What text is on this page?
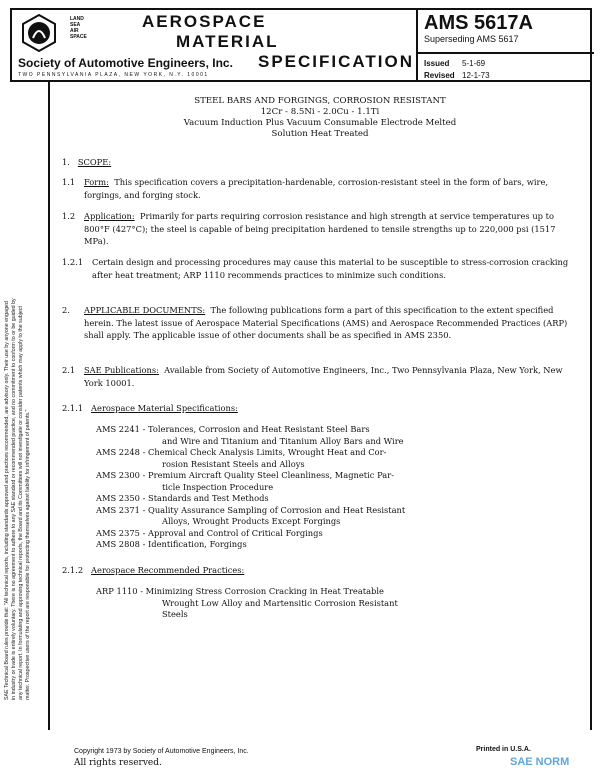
LAND
SEA
AIR
SPACE
AEROSPACE
MATERIAL
SPECIFICATION
Society of Automotive Engineers, Inc.
TWO PENNSYLVANIA PLAZA, NEW YORK, N.Y. 10001
AMS 5617A
Superseding AMS 5617
Issued 5-1-69
Revised 12-1-73
SAE Technical Board rules provide that: "All technical reports, including standards approved and practices recommended, are advisory only. Their use by anyone engaged in industry or trade is entirely voluntary. There is no agreement to adhere to any SAE standard or recommended practice, and no commitment to conform to or be guided by any technical report. In formulating and approving technical reports, the Board and its Committees will not investigate or consider patents which may apply to the subject matter. Prospective users of the report are responsible for protecting themselves against liability for infringement of patents."
STEEL BARS AND FORGINGS, CORROSION RESISTANT
12Cr - 8.5Ni - 2.0Cu - 1.1Ti
Vacuum Induction Plus Vacuum Consumable Electrode Melted
Solution Heat Treated
1. SCOPE:
1.1 Form: This specification covers a precipitation-hardenable, corrosion-resistant steel in the form of bars, wire, forgings, and forging stock.
1.2 Application: Primarily for parts requiring corrosion resistance and high strength at service temperatures up to 800°F (427°C); the steel is capable of being precipitation hardened to tensile strengths up to 220,000 psi (1517 MPa).
1.2.1 Certain design and processing procedures may cause this material to be susceptible to stress-corrosion cracking after heat treatment; ARP 1110 recommends practices to minimize such conditions.
2. APPLICABLE DOCUMENTS: The following publications form a part of this specification to the extent specified herein. The latest issue of Aerospace Material Specifications (AMS) and Aerospace Recommended Practices (ARP) shall apply. The applicable issue of other documents shall be as specified in AMS 2350.
2.1 SAE Publications: Available from Society of Automotive Engineers, Inc., Two Pennsylvania Plaza, New York, New York 10001.
2.1.1 Aerospace Material Specifications:
AMS 2241 - Tolerances, Corrosion and Heat Resistant Steel Bars
and Wire and Titanium and Titanium Alloy Bars and Wire
AMS 2248 - Chemical Check Analysis Limits, Wrought Heat and Cor-
rosion Resistant Steels and Alloys
AMS 2300 - Premium Aircraft Quality Steel Cleanliness, Magnetic Par-
ticle Inspection Procedure
AMS 2350 - Standards and Test Methods
AMS 2371 - Quality Assurance Sampling of Corrosion and Heat Resistant
Alloys, Wrought Products Except Forgings
AMS 2375 - Approval and Control of Critical Forgings
AMS 2808 - Identification, Forgings
2.1.2 Aerospace Recommended Practices:
ARP 1110 - Minimizing Stress Corrosion Cracking in Heat Treatable
Wrought Low Alloy and Martensitic Corrosion Resistant
Steels
Copyright 1973 by Society of Automotive Engineers, Inc.
All rights reserved.
Printed in U.S.A.
SAE NORM
